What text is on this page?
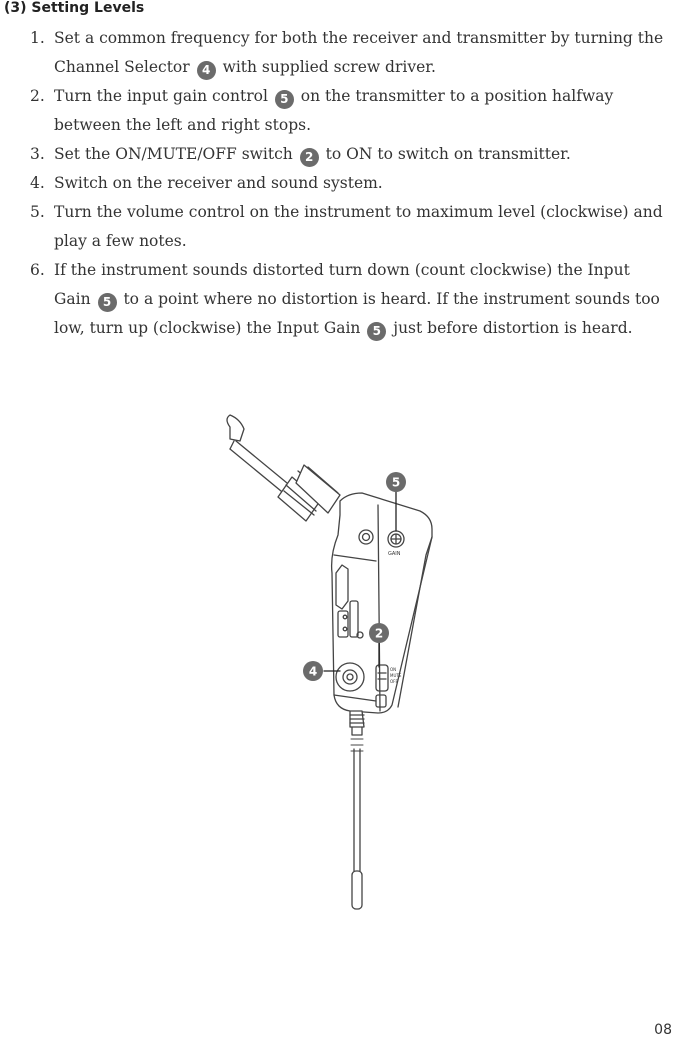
(3) Setting Levels
1. Set a common frequency for both the receiver and transmitter by turning the Channel Selector 4 with supplied screw driver.
2. Turn the input gain control 5 on the transmitter to a position halfway between the left and right stops.
3. Set the ON/MUTE/OFF switch 2 to ON to switch on transmitter.
4. Switch on the receiver and sound system.
5. Turn the volume control on the instrument to maximum level (clockwise) and play a few notes.
6. If the instrument sounds distorted turn down (count clockwise) the Input Gain 5 to a point where no distortion is heard. If the instrument sounds too low, turn up (clockwise) the Input Gain 5 just before distortion is heard.
GAIN
ON
MUTE
OFF
5
2
4
08
